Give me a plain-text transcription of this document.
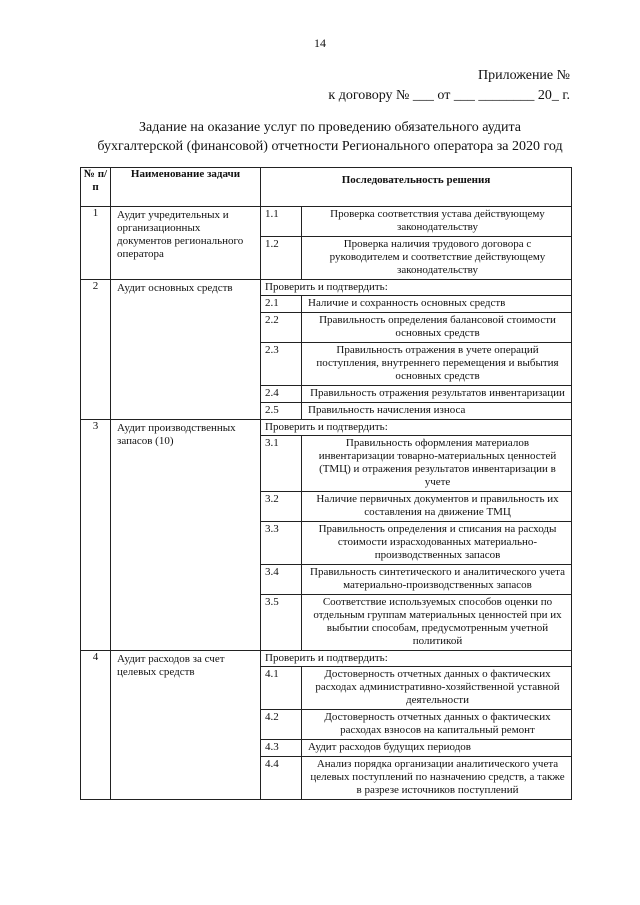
14
Приложение №
к договору № ___ от ___ ________ 20_ г.
Задание на оказание услуг по проведению обязательного аудита
бухгалтерской (финансовой) отчетности Регионального оператора за 2020 год
№ п/п	Наименование задачи	Последовательность решения
1	Аудит учредительных и организационных документов регионального оператора	
1.1	Проверка соответствия устава действующему законодательству
1.2	Проверка наличия трудового договора с руководителем и соответствие действующему законодательству

2	Аудит основных средств	Проверить и подтвердить:
2.1	Наличие и сохранность основных средств
2.2	Правильность определения балансовой стоимости основных средств
2.3	Правильность отражения в учете операций поступления, внутреннего перемещения и выбытия основных средств
2.4	Правильность отражения результатов инвентаризации
2.5	Правильность начисления износа

3	Аудит производственных запасов (10)	
Проверить и подтвердить:
3.1	Правильность оформления материалов инвентаризации товарно-материальных ценностей (ТМЦ) и отражения результатов инвентаризации в учете
3.2	Наличие первичных документов и правильность их составления на движение ТМЦ
3.3	Правильность определения и списания на расходы стоимости израсходованных материально-производственных запасов
3.4	Правильность синтетического и аналитического учета материально-производственных запасов
3.5	Соответствие используемых способов оценки по отдельным группам материальных ценностей при их выбытии способам, предусмотренным учетной политикой

4	Аудит расходов за счет целевых средств	
Проверить и подтвердить:
4.1	Достоверность отчетных данных о фактических расходах административно-хозяйственной уставной деятельности
4.2	Достоверность отчетных данных о фактических расходах взносов на капитальный ремонт
4.3	Аудит расходов будущих периодов
4.4	Анализ порядка организации аналитического учета целевых поступлений по назначению средств, а также в разрезе источников поступлений
